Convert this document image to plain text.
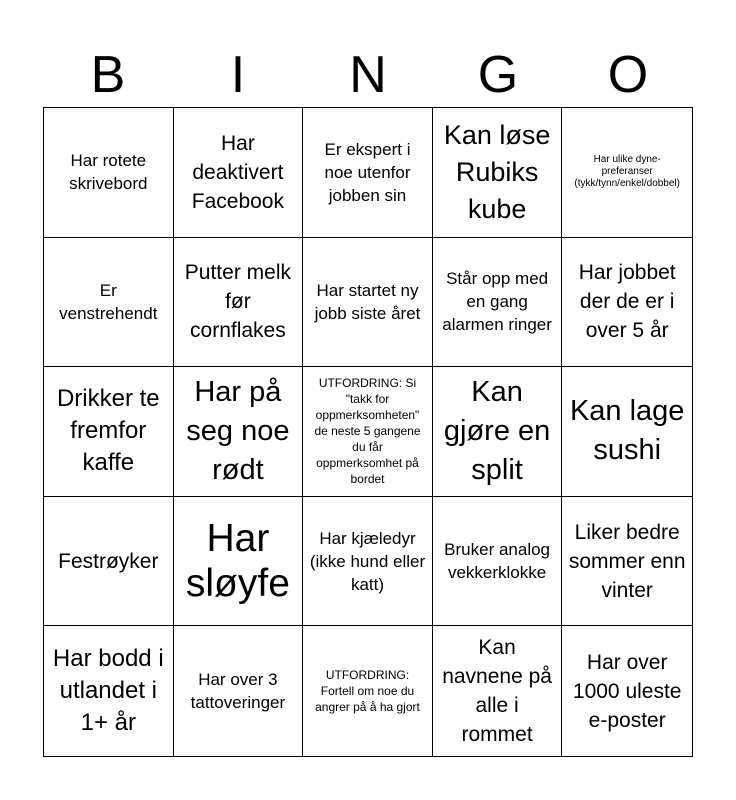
B	I	N	G	O
Har rotete skrivebord
Har deaktivert Facebook
Er ekspert i noe utenfor jobben sin
Kan løse Rubiks kube
Har ulike dyne-preferanser (tykk/tynn/enkel/dobbel)
Er venstrehendt
Putter melk før cornflakes
Har startet ny jobb siste året
Står opp med en gang alarmen ringer
Har jobbet der de er i over 5 år
Drikker te fremfor kaffe
Har på seg noe rødt
UTFORDRING: Si "takk for oppmerksomheten" de neste 5 gangene du får oppmerksomhet på bordet
Kan gjøre en split
Kan lage sushi
Festrøyker
Har sløyfe
Har kjæledyr (ikke hund eller katt)
Bruker analog vekkerklokke
Liker bedre sommer enn vinter
Har bodd i utlandet i 1+ år
Har over 3 tattoveringer
UTFORDRING: Fortell om noe du angrer på å ha gjort
Kan navnene på alle i rommet
Har over 1000 uleste e-poster
